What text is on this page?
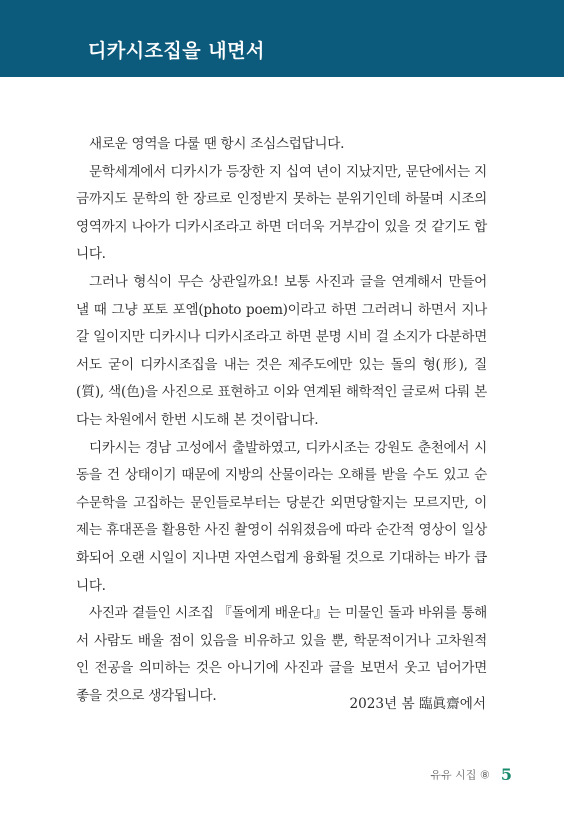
디카시조집을 내면서

새로운 영역을 다룰 땐 항시 조심스럽답니다.

문학세계에서 디카시가 등장한 지 십여 년이 지났지만, 문단에서는 지금까지도 문학의 한 장르로 인정받지 못하는 분위기인데 하물며 시조의 영역까지 나아가 디카시조라고 하면 더더욱 거부감이 있을 것 같기도 합니다.

그러나 형식이 무슨 상관일까요! 보통 사진과 글을 연계해서 만들어 낼 때 그냥 포토 포엠(photo poem)이라고 하면 그러려니 하면서 지나갈 일이지만 디카시나 디카시조라고 하면 분명 시비 걸 소지가 다분하면서도 굳이 디카시조집을 내는 것은 제주도에만 있는 돌의 형(形), 질(質), 색(色)을 사진으로 표현하고 이와 연계된 해학적인 글로써 다뤄 본다는 차원에서 한번 시도해 본 것이랍니다.

디카시는 경남 고성에서 출발하였고, 디카시조는 강원도 춘천에서 시동을 건 상태이기 때문에 지방의 산물이라는 오해를 받을 수도 있고 순수문학을 고집하는 문인들로부터는 당분간 외면당할지는 모르지만, 이제는 휴대폰을 활용한 사진 촬영이 쉬워졌음에 따라 순간적 영상이 일상화되어 오랜 시일이 지나면 자연스럽게 융화될 것으로 기대하는 바가 큽니다.

사진과 곁들인 시조집 『돌에게 배운다』는 미물인 돌과 바위를 통해서 사람도 배울 점이 있음을 비유하고 있을 뿐, 학문적이거나 고차원적인 전공을 의미하는 것은 아니기에 사진과 글을 보면서 웃고 넘어가면 좋을 것으로 생각됩니다.

2023년 봄 臨眞齋에서
유유 시집 ⑧ 5
